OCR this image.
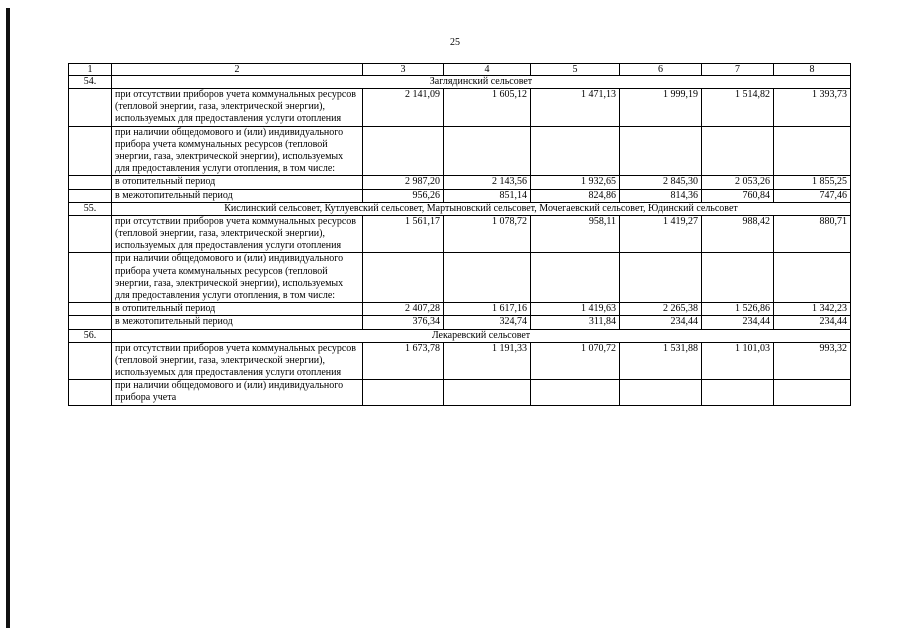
25
1	2	3	4	5	6	7	8
54.	Заглядинский сельсовет						
	при отсутствии приборов учета коммунальных ресурсов (тепловой энергии, газа, электрической энергии), используемых для предоставления услуги отопления	2 141,09	1 605,12	1 471,13	1 999,19	1 514,82	1 393,73
	при наличии общедомового и (или) индивидуального прибора учета коммунальных ресурсов (тепловой энергии, газа, электрической энергии), используемых для предоставления услуги отопления, в том числе:						
	в отопительный период	2 987,20	2 143,56	1 932,65	2 845,30	2 053,26	1 855,25
	в межотопительный период	956,26	851,14	824,86	814,36	760,84	747,46
55.	Кислинский сельсовет, Кутлуевский сельсовет, Мартыновский сельсовет, Мочегаевский сельсовет, Юдинский сельсовет						
	при отсутствии приборов учета коммунальных ресурсов (тепловой энергии, газа, электрической энергии), используемых для предоставления услуги отопления	1 561,17	1 078,72	958,11	1 419,27	988,42	880,71
	при наличии общедомового и (или) индивидуального прибора учета коммунальных ресурсов (тепловой энергии, газа, электрической энергии), используемых для предоставления услуги отопления, в том числе:						
	в отопительный период	2 407,28	1 617,16	1 419,63	2 265,38	1 526,86	1 342,23
	в межотопительный период	376,34	324,74	311,84	234,44	234,44	234,44
56.	Лекаревский сельсовет						
	при отсутствии приборов учета коммунальных ресурсов (тепловой энергии, газа, электрической энергии), используемых для предоставления услуги отопления	1 673,78	1 191,33	1 070,72	1 531,88	1 101,03	993,32
	при наличии общедомового и (или) индивидуального прибора учета						
